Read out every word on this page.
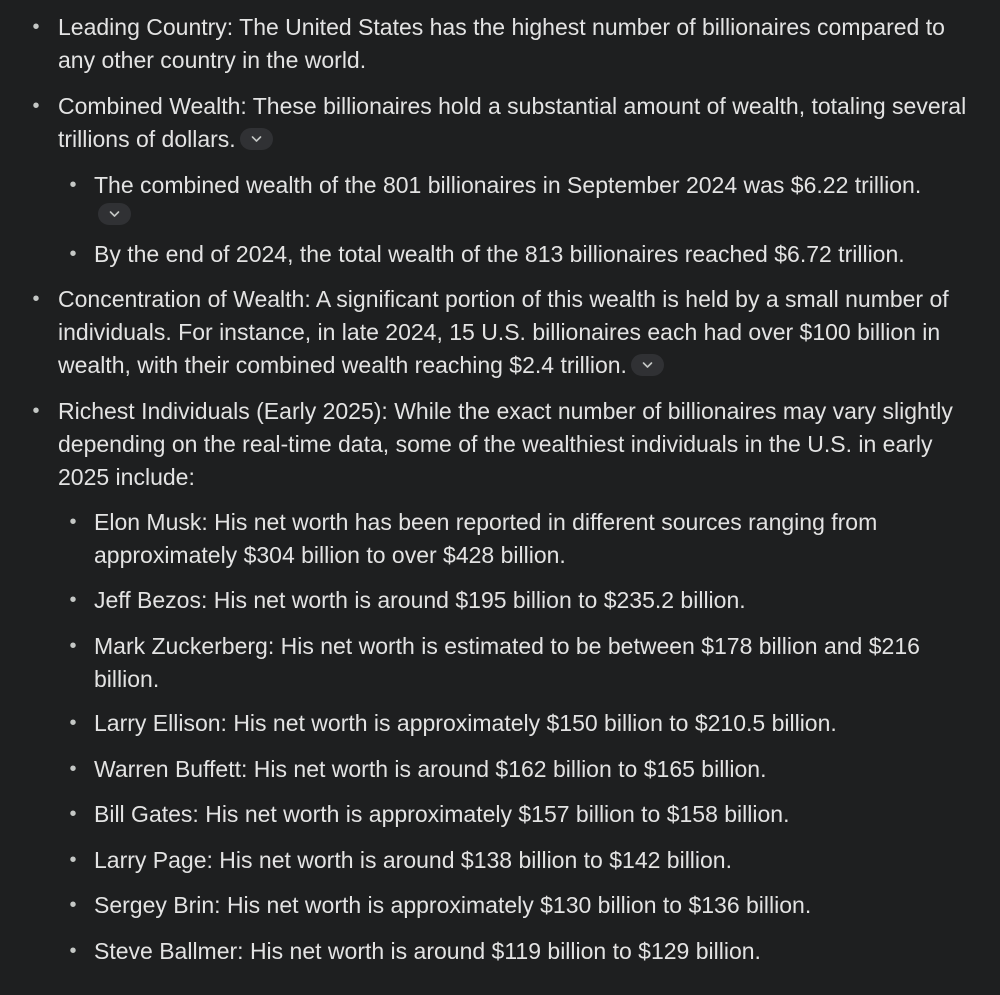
• Leading Country: The United States has the highest number of billionaires compared to any other country in the world.
• Combined Wealth: These billionaires hold a substantial amount of wealth, totaling several trillions of dollars.
• The combined wealth of the 801 billionaires in September 2024 was $6.22 trillion.
• By the end of 2024, the total wealth of the 813 billionaires reached $6.72 trillion.
• Concentration of Wealth: A significant portion of this wealth is held by a small number of individuals. For instance, in late 2024, 15 U.S. billionaires each had over $100 billion in wealth, with their combined wealth reaching $2.4 trillion.
• Richest Individuals (Early 2025): While the exact number of billionaires may vary slightly depending on the real-time data, some of the wealthiest individuals in the U.S. in early 2025 include:
• Elon Musk: His net worth has been reported in different sources ranging from approximately $304 billion to over $428 billion.
• Jeff Bezos: His net worth is around $195 billion to $235.2 billion.
• Mark Zuckerberg: His net worth is estimated to be between $178 billion and $216 billion.
• Larry Ellison: His net worth is approximately $150 billion to $210.5 billion.
• Warren Buffett: His net worth is around $162 billion to $165 billion.
• Bill Gates: His net worth is approximately $157 billion to $158 billion.
• Larry Page: His net worth is around $138 billion to $142 billion.
• Sergey Brin: His net worth is approximately $130 billion to $136 billion.
• Steve Ballmer: His net worth is around $119 billion to $129 billion.
